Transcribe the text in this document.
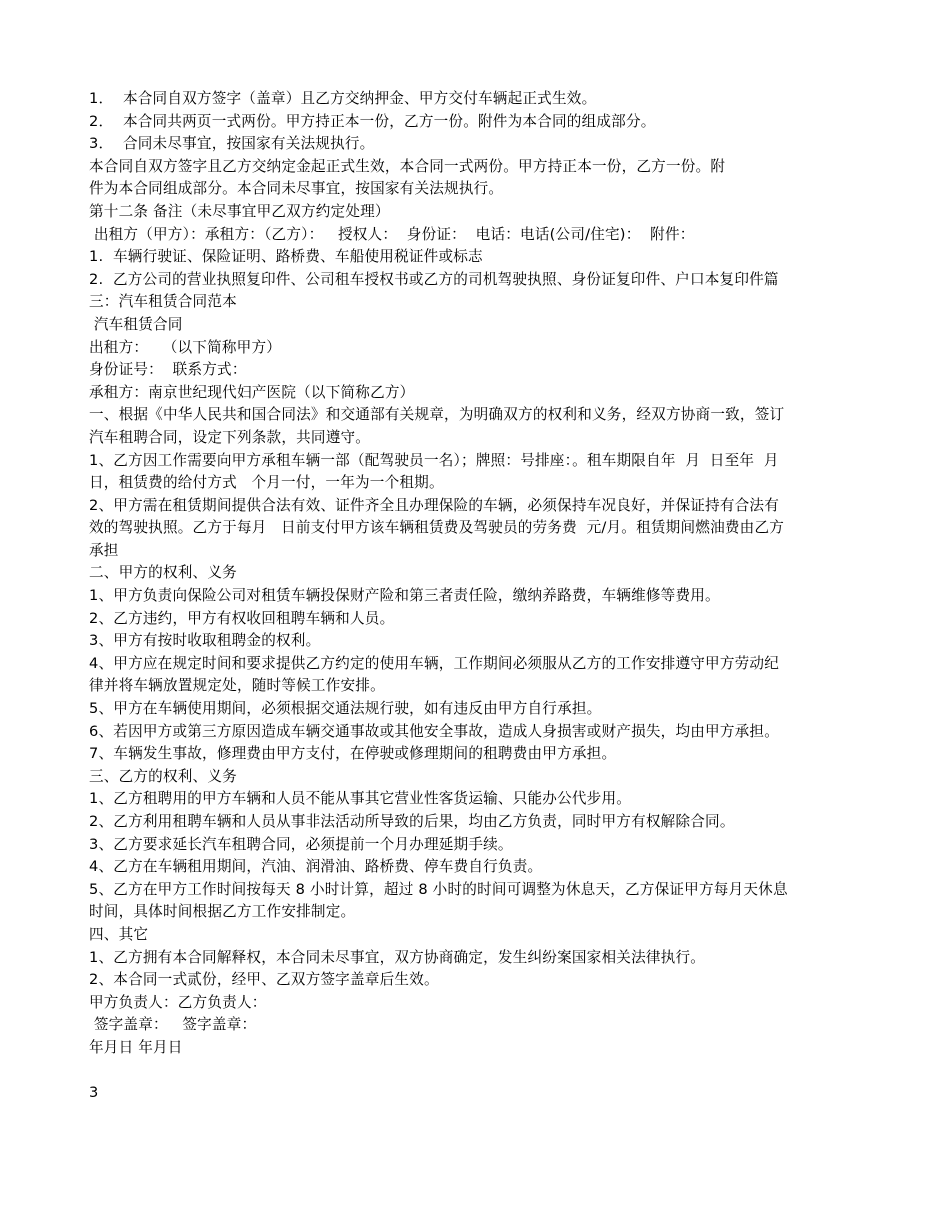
1．  本合同自双方签字（盖章）且乙方交纳押金、甲方交付车辆起正式生效。
2．  本合同共两页一式两份。甲方持正本一份，乙方一份。附件为本合同的组成部分。
3．  合同未尽事宜，按国家有关法规执行。
本合同自双方签字且乙方交纳定金起正式生效，本合同一式两份。甲方持正本一份，乙方一份。附
件为本合同组成部分。本合同未尽事宜，按国家有关法规执行。
第十二条 备注（未尽事宜甲乙双方约定处理）
出租方（甲方）：承租方：（乙方）：   授权人：  身份证：  电话：电话(公司/住宅)：  附件：
1.  车辆行驶证、保险证明、路桥费、车船使用税证件或标志
2.  乙方公司的营业执照复印件、公司租车授权书或乙方的司机驾驶执照、身份证复印件、户口本复印件篇
三：汽车租赁合同范本
汽车租赁合同
出租方：   （以下简称甲方）
身份证号：  联系方式：
承租方：南京世纪现代妇产医院（以下简称乙方）
一、根据《中华人民共和国合同法》和交通部有关规章，为明确双方的权利和义务，经双方协商一致，签订
汽车租聘合同，设定下列条款，共同遵守。
1、乙方因工作需要向甲方承租车辆一部（配驾驶员一名）；牌照：号排座：。租车期限自年  月  日至年  月
日，租赁费的给付方式   个月一付，一年为一个租期。
2、甲方需在租赁期间提供合法有效、证件齐全且办理保险的车辆，必须保持车况良好，并保证持有合法有
效的驾驶执照。乙方于每月   日前支付甲方该车辆租赁费及驾驶员的劳务费  元/月。租赁期间燃油费由乙方
承担
二、甲方的权利、义务
1、甲方负责向保险公司对租赁车辆投保财产险和第三者责任险，缴纳养路费，车辆维修等费用。
2、乙方违约，甲方有权收回租聘车辆和人员。
3、甲方有按时收取租聘金的权利。
4、甲方应在规定时间和要求提供乙方约定的使用车辆，工作期间必须服从乙方的工作安排遵守甲方劳动纪
律并将车辆放置规定处，随时等候工作安排。
5、甲方在车辆使用期间，必须根据交通法规行驶，如有违反由甲方自行承担。
6、若因甲方或第三方原因造成车辆交通事故或其他安全事故，造成人身损害或财产损失，均由甲方承担。
7、车辆发生事故，修理费由甲方支付，在停驶或修理期间的租聘费由甲方承担。
三、乙方的权利、义务
1、乙方租聘用的甲方车辆和人员不能从事其它营业性客货运输、只能办公代步用。
2、乙方利用租聘车辆和人员从事非法活动所导致的后果，均由乙方负责，同时甲方有权解除合同。
3、乙方要求延长汽车租聘合同，必须提前一个月办理延期手续。
4、乙方在车辆租用期间，汽油、润滑油、路桥费、停车费自行负责。
5、乙方在甲方工作时间按每天 8 小时计算，超过 8 小时的时间可调整为休息天，乙方保证甲方每月天休息
时间，具体时间根据乙方工作安排制定。
四、其它
1、乙方拥有本合同解释权，本合同未尽事宜，双方协商确定，发生纠纷案国家相关法律执行。
2、本合同一式贰份，经甲、乙双方签字盖章后生效。
甲方负责人：乙方负责人：
签字盖章：   签字盖章：
年月日 年月日
3
